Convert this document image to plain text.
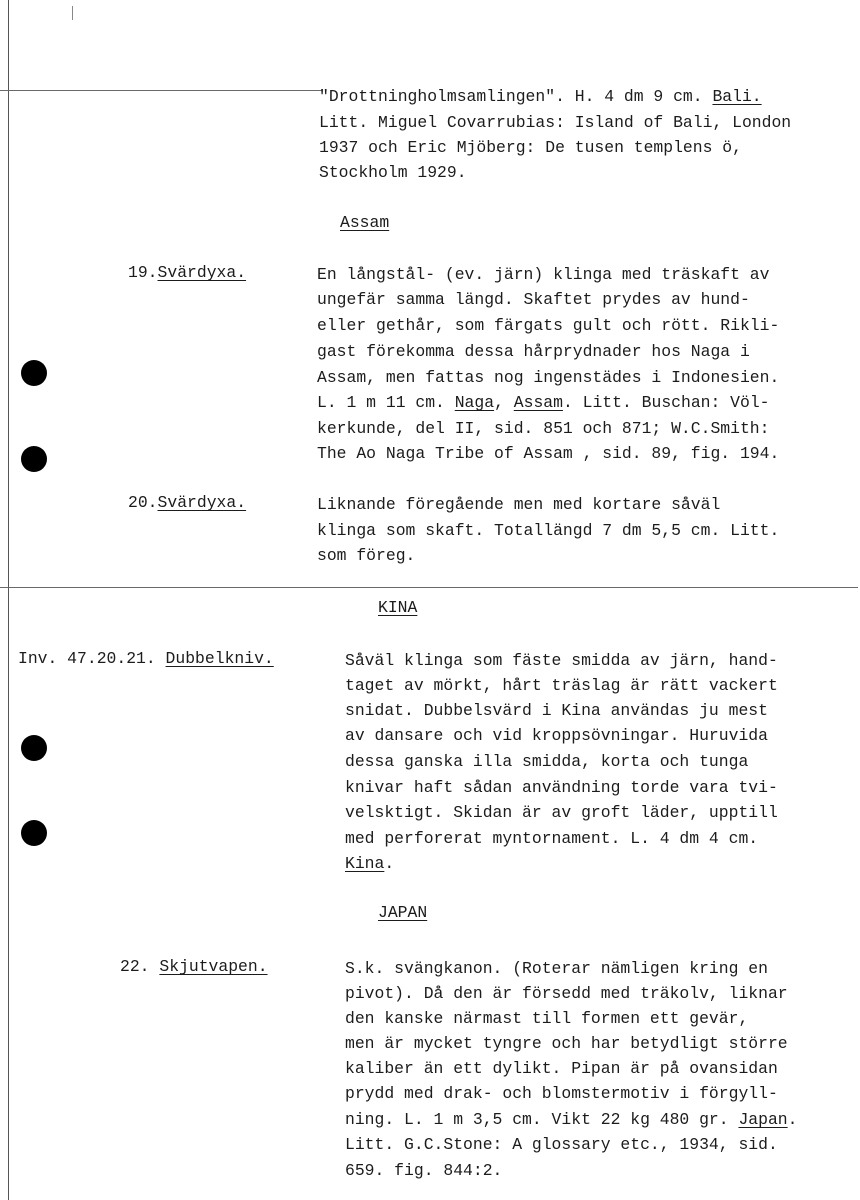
"Drottningholmsamlingen". H. 4 dm 9 cm. Bali.
Litt. Miguel Covarrubias: Island of Bali, London
1937 och Eric Mjöberg: De tusen templens ö,
Stockholm 1929.
Assam
19.Svärdyxa.	En långstål- (ev. järn) klinga med träskaft av
ungefär samma längd. Skaftet prydes av hund-
eller gethår, som färgats gult och rött. Rikli-
gast förekomma dessa hårprydnader hos Naga i
Assam, men fattas nog ingenstädes i Indonesien.
L. 1 m 11 cm. Naga, Assam. Litt. Buschan: Völ-
kerkunde, del II, sid. 851 och 871; W.C.Smith:
The Ao Naga Tribe of Assam , sid. 89, fig. 194.
20.Svärdyxa.	Liknande föregående men med kortare såväl
klinga som skaft. Totallängd 7 dm 5,5 cm. Litt.
som föreg.
KINA
Inv. 47.20.21. Dubbelkniv.	Såväl klinga som fäste smidda av järn, hand-
taget av mörkt, hårt träslag är rätt vackert
snidat. Dubbelsvärd i Kina användas ju mest
av dansare och vid kroppsövningar. Huruvida
dessa ganska illa smidda, korta och tunga
knivar haft sådan användning torde vara tvi-
velsktigt. Skidan är av groft läder, upptill
med perforerat myntornament. L. 4 dm 4 cm.
Kina.
JAPAN
22. Skjutvapen.	S.k. svängkanon. (Roterar nämligen kring en
pivot). Då den är försedd med träkolv, liknar
den kanske närmast till formen ett gevär,
men är mycket tyngre och har betydligt större
kaliber än ett dylikt. Pipan är på ovansidan
prydd med drak- och blomstermotiv i förgyll-
ning. L. 1 m 3,5 cm. Vikt 22 kg 480 gr. Japan.
Litt. G.C.Stone: A glossary etc., 1934, sid.
659. fig. 844:2.
